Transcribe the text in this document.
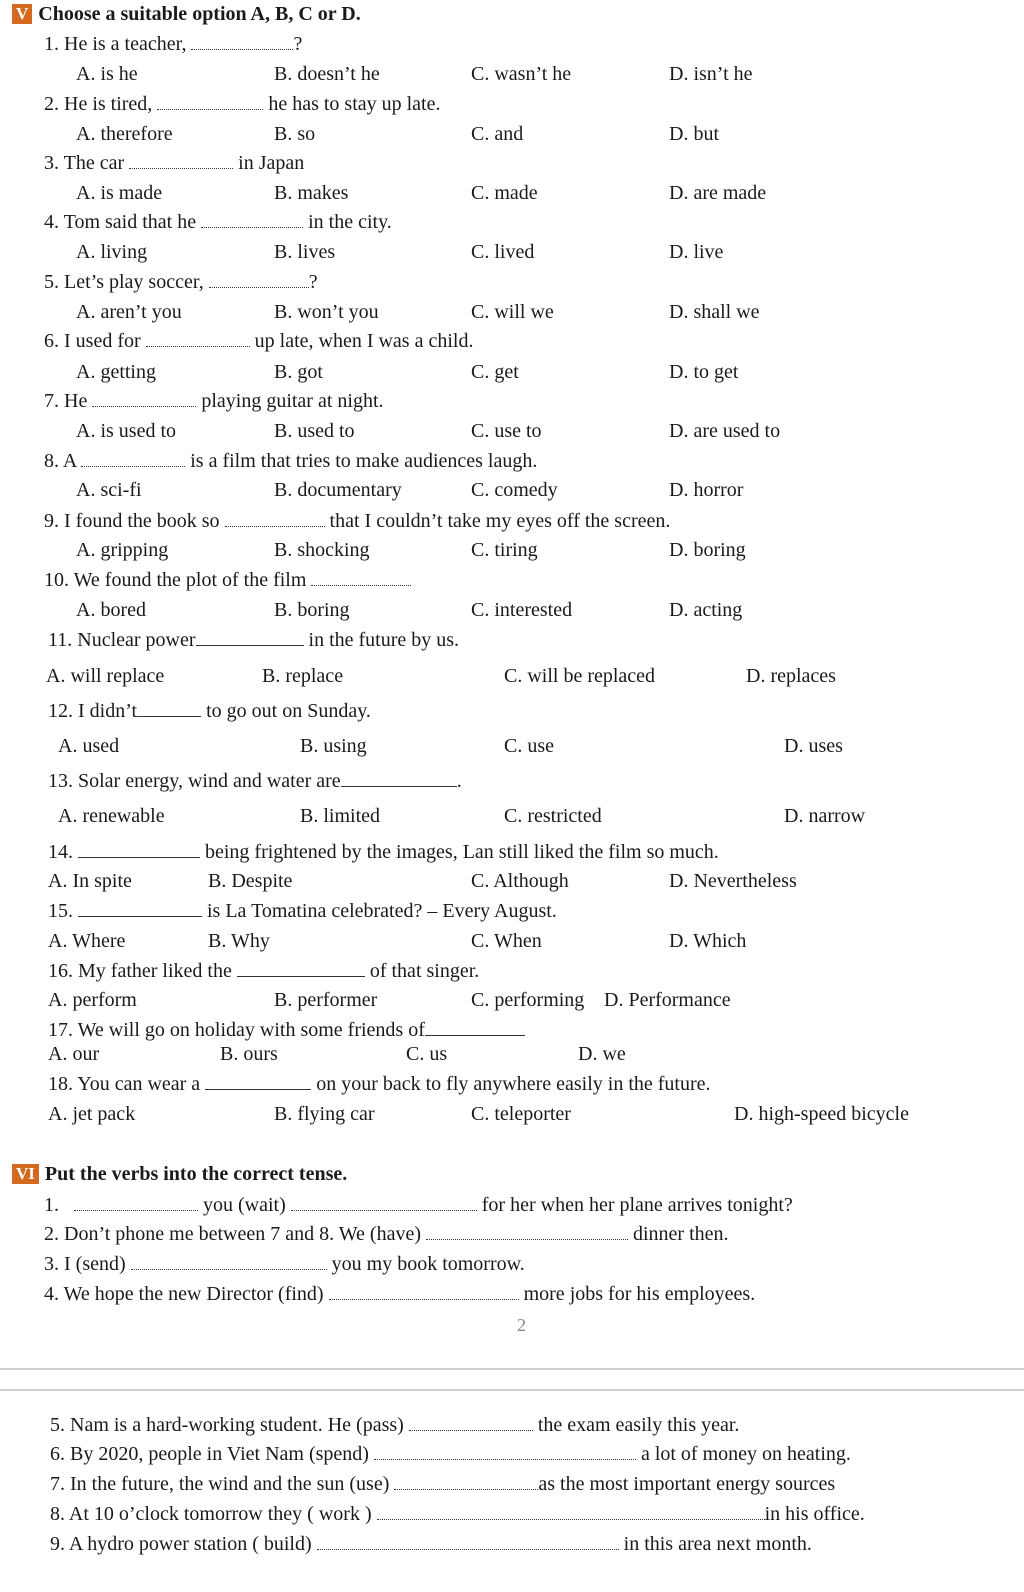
V Choose a suitable option A, B, C or D.
1. He is a teacher,	?
A. is he	B. doesn’t he	C. wasn’t he	D. isn’t he
2. He is tired,	he has to stay up late.
A. therefore	B. so	C. and	D. but
3. The car	in Japan
A. is made	B. makes	C. made	D. are made
4. Tom said that he	in the city.
A. living	B. lives	C. lived	D. live
5. Let’s play soccer,	?
A. aren’t you	B. won’t you	C. will we	D. shall we
6. I used for	up late, when I was a child.
A. getting	B. got	C. get	D. to get
7. He	playing guitar at night.
A. is used to	B. used to	C. use to	D. are used to
8. A	is a film that tries to make audiences laugh.
A. sci-fi	B. documentary	C. comedy	D. horror
9. I found the book so	that I couldn’t take my eyes off the screen.
A. gripping	B. shocking	C. tiring	D. boring
10. We found the plot of the film
A. bored	B. boring	C. interested	D. acting
11. Nuclear power	in the future by us.
A. will replace	B. replace	C. will be replaced	D. replaces
12. I didn’t	to go out on Sunday.
A. used	B. using	C. use	D. uses
13. Solar energy, wind and water are	.
A. renewable	B. limited	C. restricted	D. narrow
14.	being frightened by the images, Lan still liked the film so much.
A. In spite	B. Despite	C. Although	D. Nevertheless
15.	is La Tomatina celebrated? – Every August.
A. Where	B. Why	C. When	D. Which
16. My father liked the	of that singer.
A. perform	B. performer	C. performing D. Performance
17. We will go on holiday with some friends of
A. our	B. ours	C. us	D. we
18. You can wear a	on your back to fly anywhere easily in the future.
A. jet pack	B. flying car	C. teleporter	D. high-speed bicycle
VI Put the verbs into the correct tense.
1.	you (wait)	for her when her plane arrives tonight?
2. Don’t phone me between 7 and 8. We (have)	dinner then.
3. I (send)	you my book tomorrow.
4. We hope the new Director (find)	more jobs for his employees.
2
5. Nam is a hard-working student. He (pass)	the exam easily this year.
6. By 2020, people in Viet Nam (spend)	a lot of money on heating.
7. In the future, the wind and the sun (use)	as the most important energy sources
8. At 10 o’clock tomorrow they ( work )	in his office.
9. A hydro power station ( build)	in this area next month.
